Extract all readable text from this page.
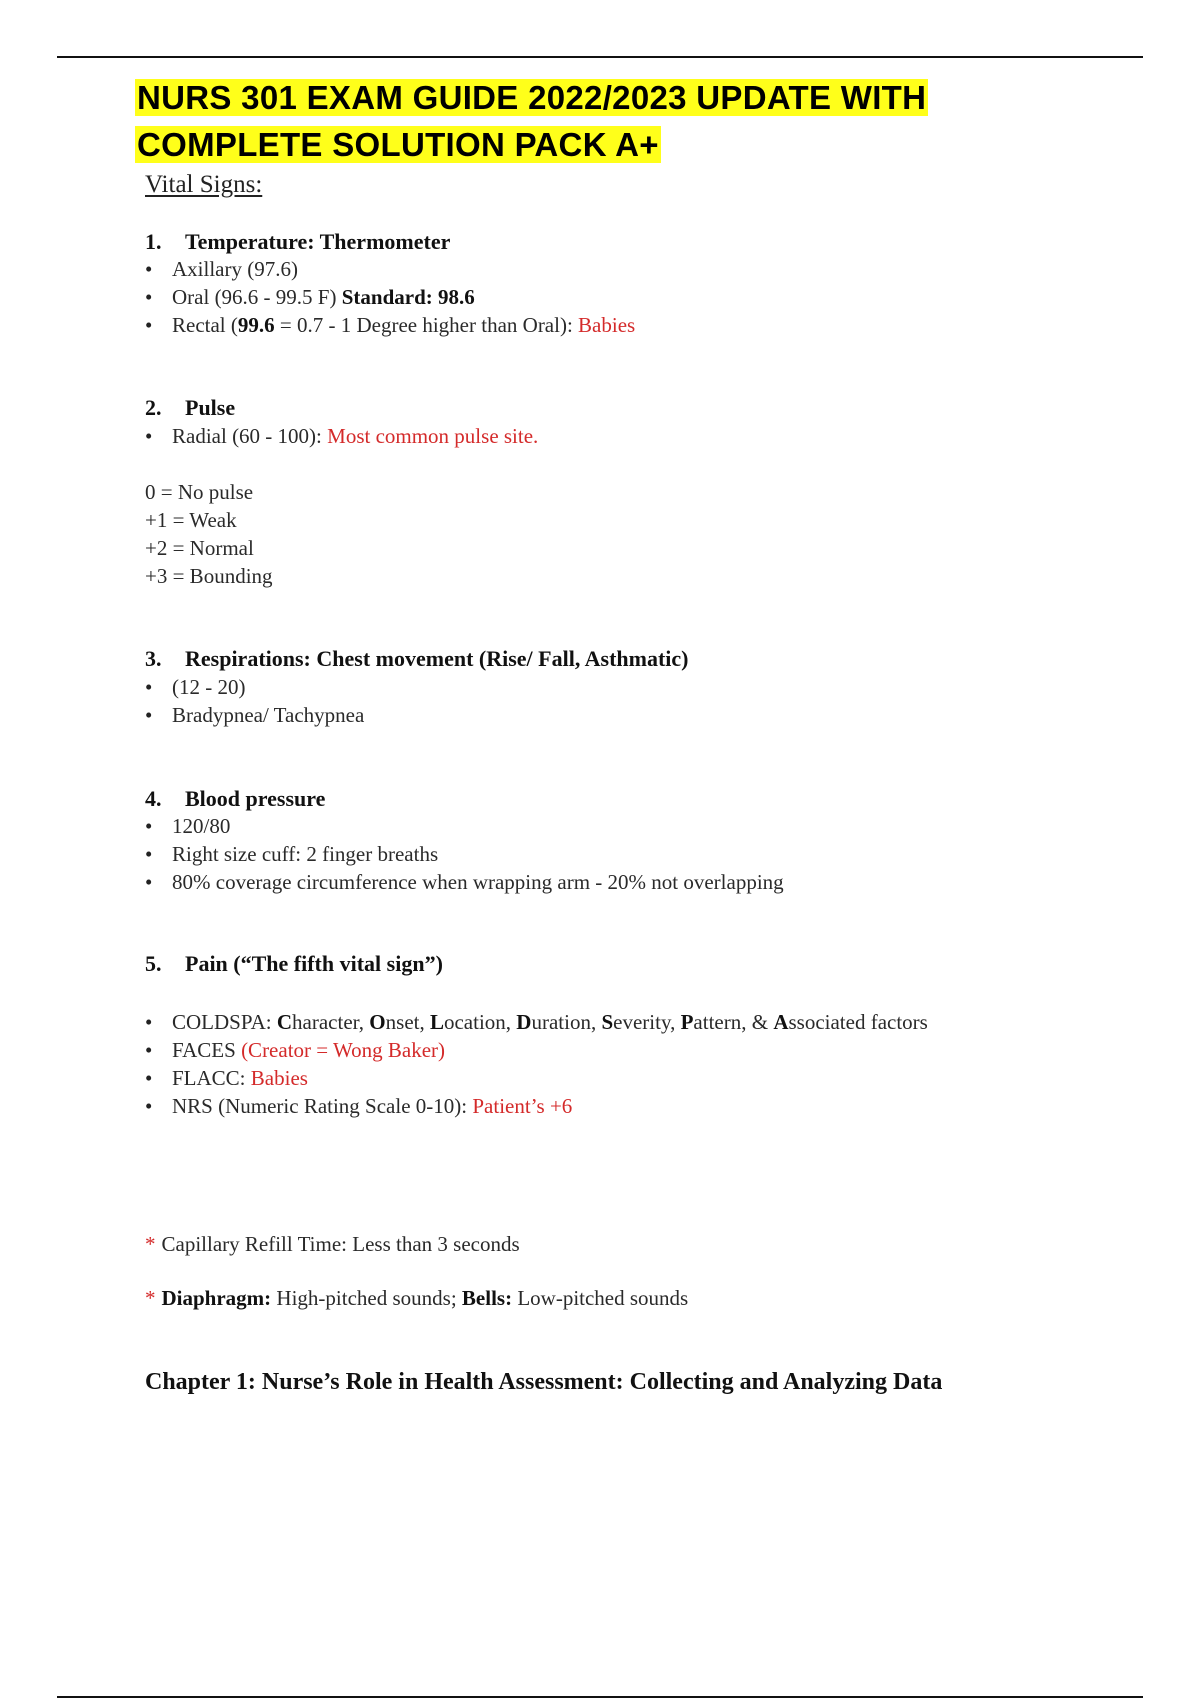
NURS 301 EXAM GUIDE 2022/2023 UPDATE WITH
COMPLETE SOLUTION PACK A+
Vital Signs:
1. Temperature: Thermometer
• Axillary (97.6)
• Oral (96.6 - 99.5 F) Standard: 98.6
• Rectal (99.6 = 0.7 - 1 Degree higher than Oral): Babies
2. Pulse
• Radial (60 - 100): Most common pulse site.
0 = No pulse
+1 = Weak
+2 = Normal
+3 = Bounding
3. Respirations: Chest movement (Rise/ Fall, Asthmatic)
• (12 - 20)
• Bradypnea/ Tachypnea
4. Blood pressure
• 120/80
• Right size cuff: 2 finger breaths
• 80% coverage circumference when wrapping arm - 20% not overlapping
5. Pain (“The fifth vital sign”)
• COLDSPA: Character, Onset, Location, Duration, Severity, Pattern, & Associated factors
• FACES (Creator = Wong Baker)
• FLACC: Babies
• NRS (Numeric Rating Scale 0-10): Patient’s +6
* Capillary Refill Time: Less than 3 seconds
* Diaphragm: High-pitched sounds; Bells: Low-pitched sounds
Chapter 1: Nurse’s Role in Health Assessment: Collecting and Analyzing Data
